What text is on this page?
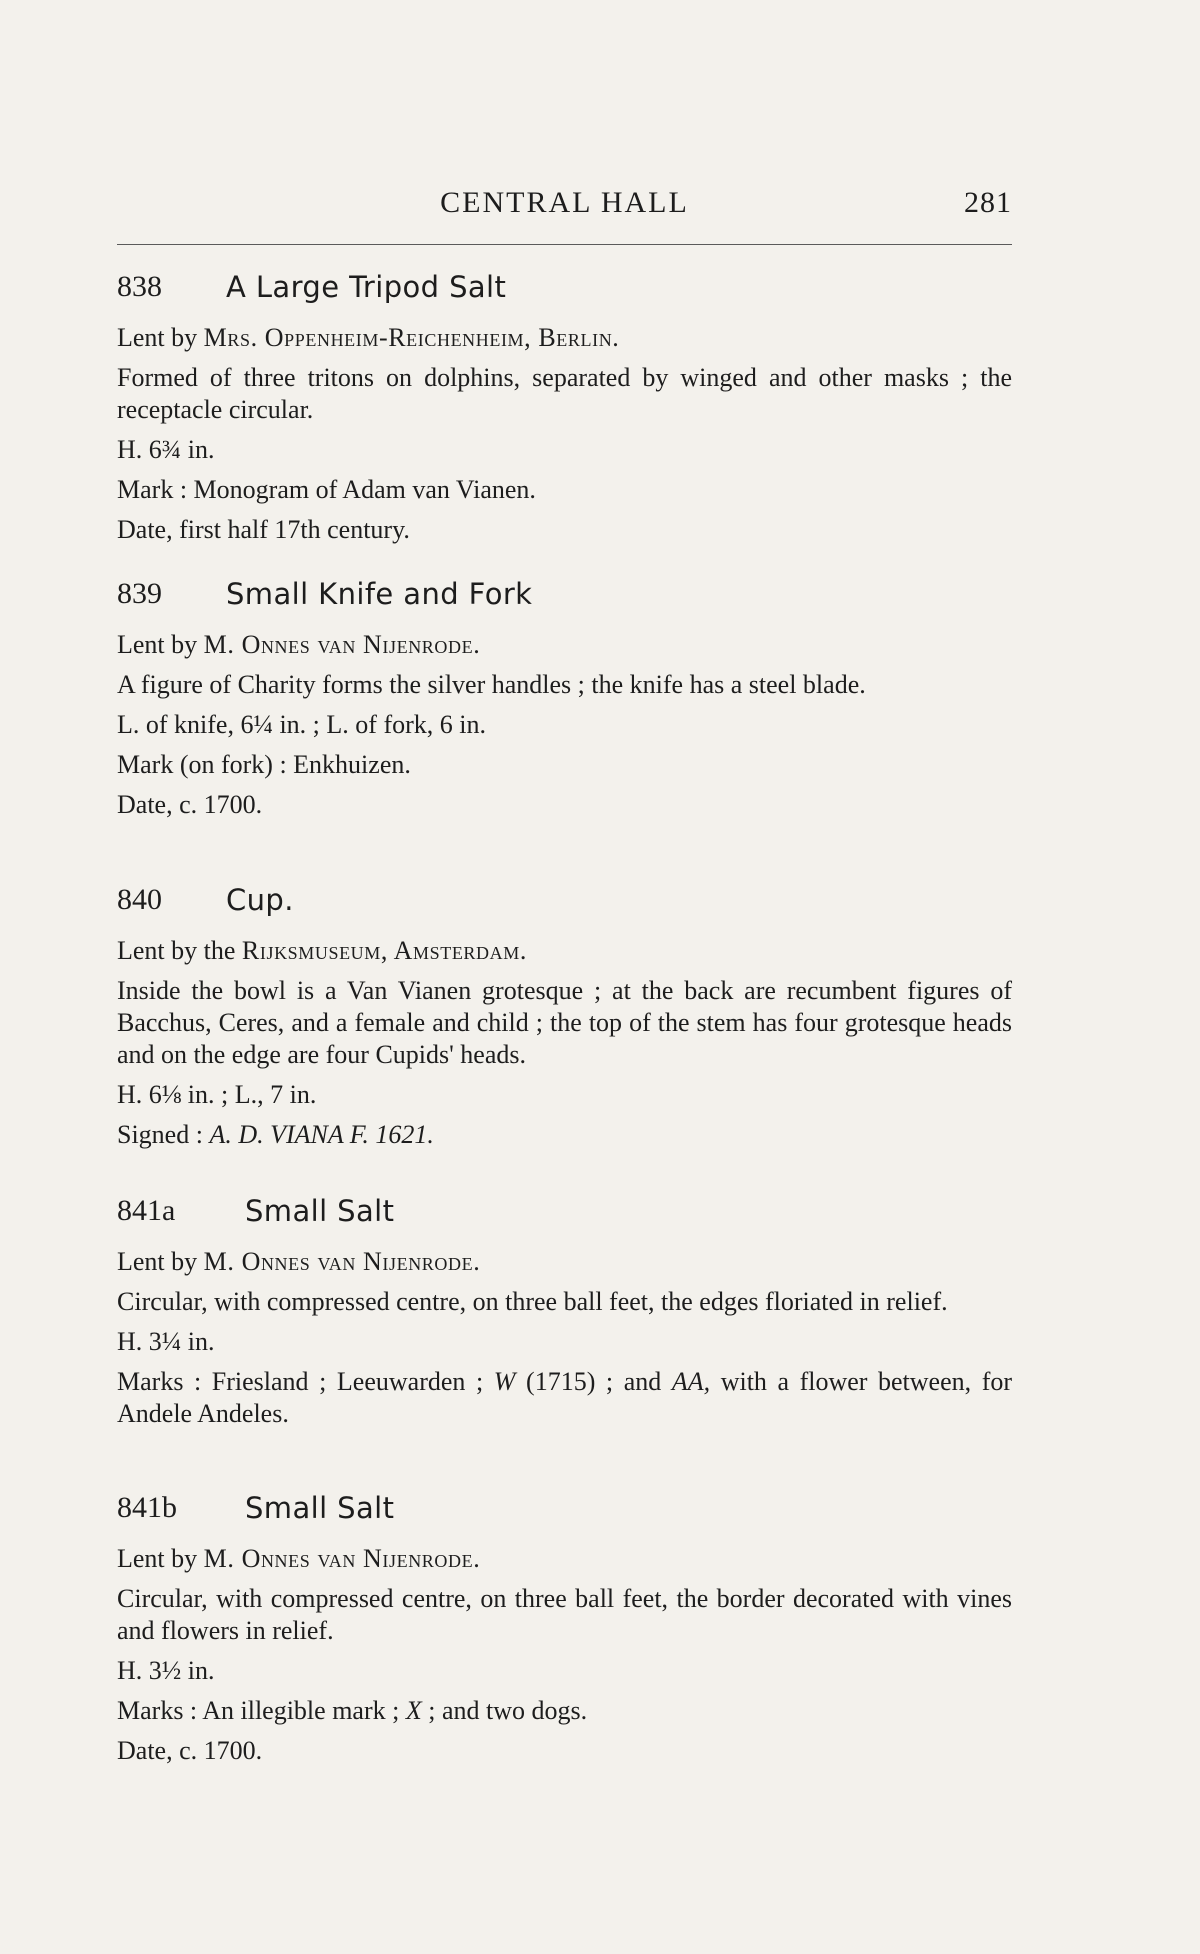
CENTRAL HALL	281
838 A Large Tripod Salt
Lent by Mrs. Oppenheim-Reichenheim, Berlin.
Formed of three tritons on dolphins, separated by winged and other masks ; the receptacle circular.
H. 6¾ in.
Mark : Monogram of Adam van Vianen.
Date, first half 17th century.
839 Small Knife and Fork
Lent by M. Onnes van Nijenrode.
A figure of Charity forms the silver handles ; the knife has a steel blade.
L. of knife, 6¼ in. ; L. of fork, 6 in.
Mark (on fork) : Enkhuizen.
Date, c. 1700.
840 Cup.
Lent by the Rijksmuseum, Amsterdam.
Inside the bowl is a Van Vianen grotesque ; at the back are recumbent figures of Bacchus, Ceres, and a female and child ; the top of the stem has four grotesque heads and on the edge are four Cupids' heads.
H. 6⅛ in. ; L., 7 in.
Signed : A. D. VIANA F. 1621.
841a Small Salt
Lent by M. Onnes van Nijenrode.
Circular, with compressed centre, on three ball feet, the edges floriated in relief.
H. 3¼ in.
Marks : Friesland ; Leeuwarden ; W (1715) ; and AA, with a flower between, for Andele Andeles.
841b Small Salt
Lent by M. Onnes van Nijenrode.
Circular, with compressed centre, on three ball feet, the border decorated with vines and flowers in relief.
H. 3½ in.
Marks : An illegible mark ; X ; and two dogs.
Date, c. 1700.
